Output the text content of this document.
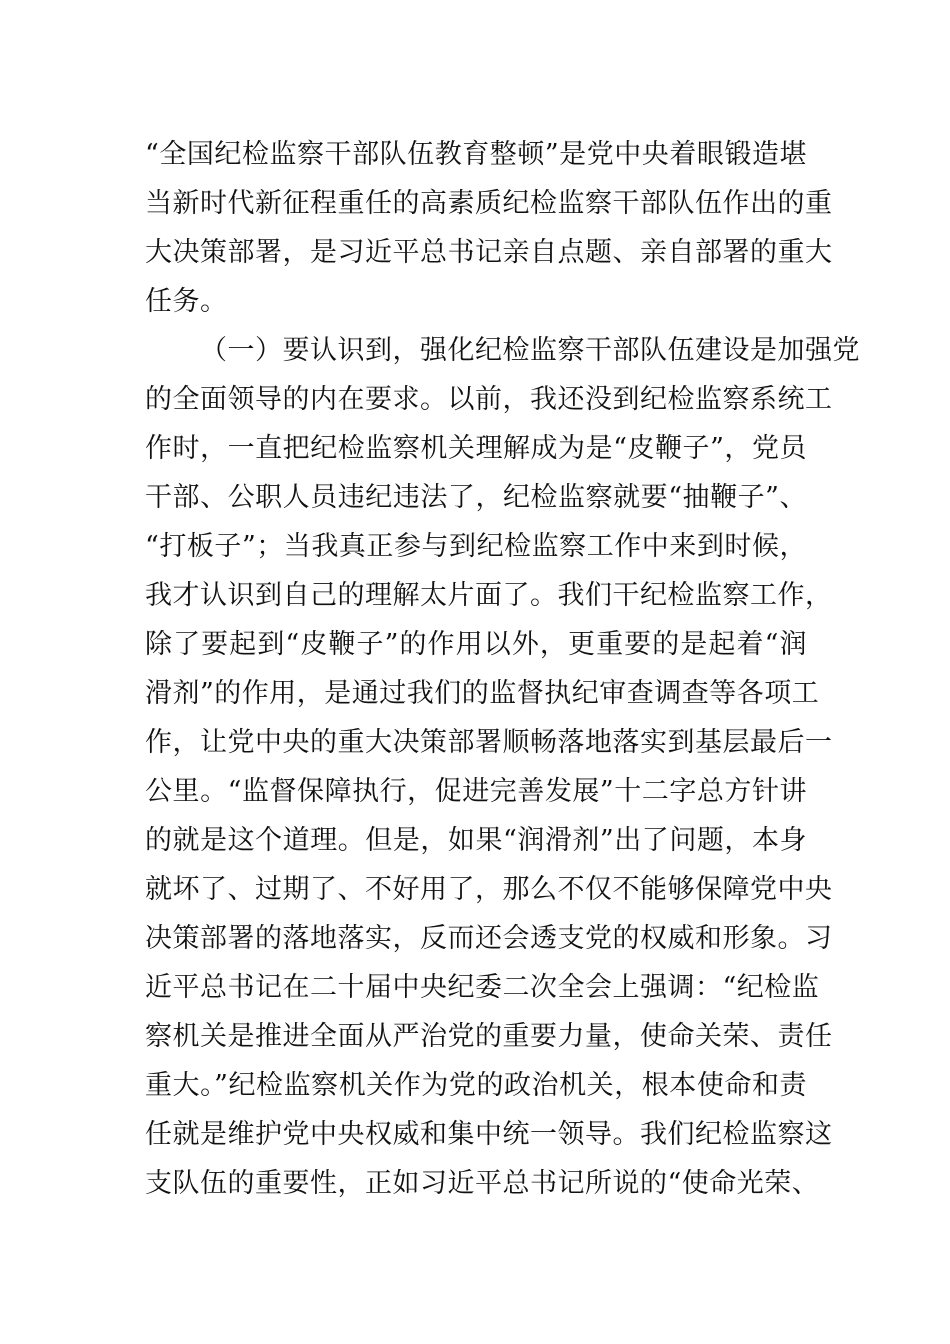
“全国纪检监察干部队伍教育整顿”是党中央着眼锻造堪
当新时代新征程重任的高素质纪检监察干部队伍作出的重
大决策部署，是习近平总书记亲自点题、亲自部署的重大
任务。

（一）要认识到，强化纪检监察干部队伍建设是加强党
的全面领导的内在要求。以前，我还没到纪检监察系统工
作时，一直把纪检监察机关理解成为是“皮鞭子”，党员
干部、公职人员违纪违法了，纪检监察就要“抽鞭子”、
“打板子”；当我真正参与到纪检监察工作中来到时候，
我才认识到自己的理解太片面了。我们干纪检监察工作，
除了要起到“皮鞭子”的作用以外，更重要的是起着“润
滑剂”的作用，是通过我们的监督执纪审查调查等各项工
作，让党中央的重大决策部署顺畅落地落实到基层最后一
公里。“监督保障执行，促进完善发展”十二字总方针讲
的就是这个道理。但是，如果“润滑剂”出了问题，本身
就坏了、过期了、不好用了，那么不仅不能够保障党中央
决策部署的落地落实，反而还会透支党的权威和形象。习
近平总书记在二十届中央纪委二次全会上强调：“纪检监
察机关是推进全面从严治党的重要力量，使命关荣、责任
重大。”纪检监察机关作为党的政治机关，根本使命和责
任就是维护党中央权威和集中统一领导。我们纪检监察这
支队伍的重要性，正如习近平总书记所说的“使命光荣、
